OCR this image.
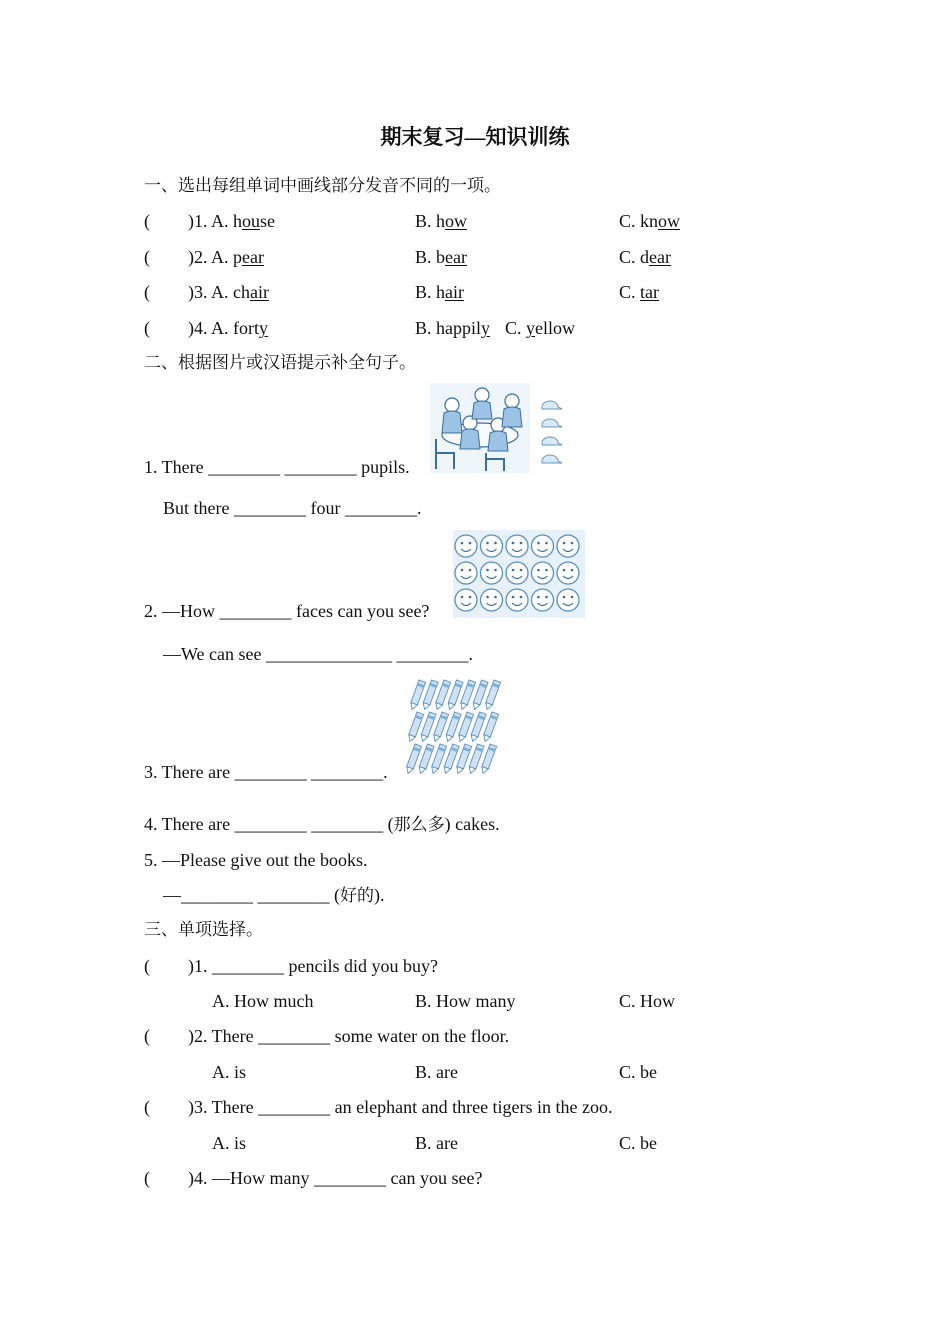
期末复习—知识训练
一、选出每组单词中画线部分发音不同的一项。
( )1. A. house	B. how	C. know
( )2. A. pear	B. bear	C. dear
( )3. A. chair	B. hair	C. tar
( )4. A. forty	B. happily C. yellow
二、根据图片或汉语提示补全句子。
1. There ________ ________ pupils.
But there ________ four ________.
2. —How ________ faces can you see?
—We can see ______________ ________.
3. There are ________ ________.
4. There are ________ ________ (那么多) cakes.
5. —Please give out the books.
—________ ________ (好的).
三、单项选择。
( )1. ________ pencils did you buy?
A. How much	B. How many	C. How
( )2. There ________ some water on the floor.
A. is	B. are	C. be
( )3. There ________ an elephant and three tigers in the zoo.
A. is	B. are	C. be
( )4. —How many ________ can you see?
